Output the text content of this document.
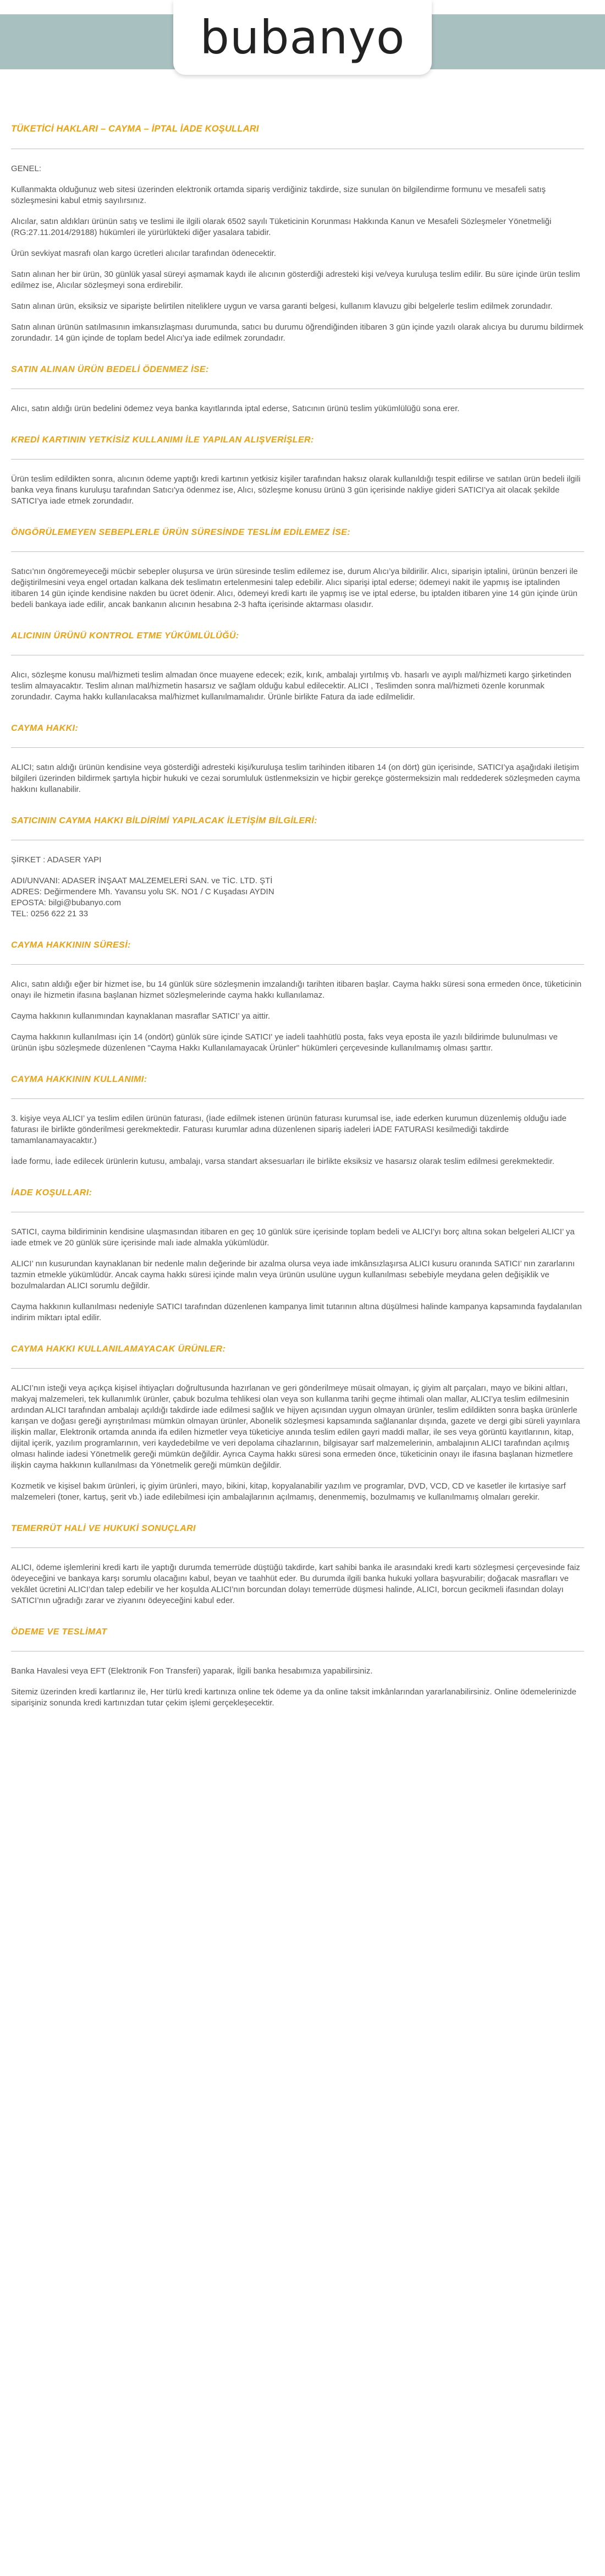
bubanyo
TÜKETİCİ HAKLARI – CAYMA – İPTAL İADE KOŞULLARI

GENEL:

Kullanmakta olduğunuz web sitesi üzerinden elektronik ortamda sipariş verdiğiniz takdirde, size sunulan ön bilgilendirme formunu ve mesafeli satış sözleşmesini kabul etmiş sayılırsınız.

Alıcılar, satın aldıkları ürünün satış ve teslimi ile ilgili olarak 6502 sayılı Tüketicinin Korunması Hakkında Kanun ve Mesafeli Sözleşmeler Yönetmeliği (RG:27.11.2014/29188) hükümleri ile yürürlükteki diğer yasalara tabidir.

Ürün sevkiyat masrafı olan kargo ücretleri alıcılar tarafından ödenecektir.

Satın alınan her bir ürün, 30 günlük yasal süreyi aşmamak kaydı ile alıcının gösterdiği adresteki kişi ve/veya kuruluşa teslim edilir. Bu süre içinde ürün teslim edilmez ise, Alıcılar sözleşmeyi sona erdirebilir.

Satın alınan ürün, eksiksiz ve siparişte belirtilen niteliklere uygun ve varsa garanti belgesi, kullanım klavuzu gibi belgelerle teslim edilmek zorundadır.

Satın alınan ürünün satılmasının imkansızlaşması durumunda, satıcı bu durumu öğrendiğinden itibaren 3 gün içinde yazılı olarak alıcıya bu durumu bildirmek zorundadır. 14 gün içinde de toplam bedel Alıcı’ya iade edilmek zorundadır.

SATIN ALINAN ÜRÜN BEDELİ ÖDENMEZ İSE:

Alıcı, satın aldığı ürün bedelini ödemez veya banka kayıtlarında iptal ederse, Satıcının ürünü teslim yükümlülüğü sona erer.

KREDİ KARTININ YETKİSİZ KULLANIMI İLE YAPILAN ALIŞVERİŞLER:

Ürün teslim edildikten sonra, alıcının ödeme yaptığı kredi kartının yetkisiz kişiler tarafından haksız olarak kullanıldığı tespit edilirse ve satılan ürün bedeli ilgili banka veya finans kuruluşu tarafından Satıcı'ya ödenmez ise, Alıcı, sözleşme konusu ürünü 3 gün içerisinde nakliye gideri SATICI’ya ait olacak şekilde SATICI’ya iade etmek zorundadır.

ÖNGÖRÜLEMEYEN SEBEPLERLE ÜRÜN SÜRESİNDE TESLİM EDİLEMEZ İSE:

Satıcı’nın öngöremeyeceği mücbir sebepler oluşursa ve ürün süresinde teslim edilemez ise, durum Alıcı’ya bildirilir. Alıcı, siparişin iptalini, ürünün benzeri ile değiştirilmesini veya engel ortadan kalkana dek teslimatın ertelenmesini talep edebilir. Alıcı siparişi iptal ederse; ödemeyi nakit ile yapmış ise iptalinden itibaren 14 gün içinde kendisine nakden bu ücret ödenir. Alıcı, ödemeyi kredi kartı ile yapmış ise ve iptal ederse, bu iptalden itibaren yine 14 gün içinde ürün bedeli bankaya iade edilir, ancak bankanın alıcının hesabına 2-3 hafta içerisinde aktarması olasıdır.

ALICININ ÜRÜNÜ KONTROL ETME YÜKÜMLÜLÜĞÜ:

Alıcı, sözleşme konusu mal/hizmeti teslim almadan önce muayene edecek; ezik, kırık, ambalajı yırtılmış vb. hasarlı ve ayıplı mal/hizmeti kargo şirketinden teslim almayacaktır. Teslim alınan mal/hizmetin hasarsız ve sağlam olduğu kabul edilecektir. ALICI , Teslimden sonra mal/hizmeti özenle korunmak zorundadır. Cayma hakkı kullanılacaksa mal/hizmet kullanılmamalıdır. Ürünle birlikte Fatura da iade edilmelidir.

CAYMA HAKKI:

ALICI; satın aldığı ürünün kendisine veya gösterdiği adresteki kişi/kuruluşa teslim tarihinden itibaren 14 (on dört) gün içerisinde, SATICI’ya aşağıdaki iletişim bilgileri üzerinden bildirmek şartıyla hiçbir hukuki ve cezai sorumluluk üstlenmeksizin ve hiçbir gerekçe göstermeksizin malı reddederek sözleşmeden cayma hakkını kullanabilir.

SATICININ CAYMA HAKKI BİLDİRİMİ YAPILACAK İLETİŞİM BİLGİLERİ:

ŞİRKET : ADASER YAPI

ADI/UNVANI: ADASER İNŞAAT MALZEMELERİ SAN. ve TİC. LTD. ŞTİ

ADRES: Değirmendere Mh. Yavansu yolu SK. NO1 / C Kuşadası AYDIN

EPOSTA: bilgi@bubanyo.com

TEL: 0256 622 21 33

CAYMA HAKKININ SÜRESİ:

Alıcı, satın aldığı eğer bir hizmet ise, bu 14 günlük süre sözleşmenin imzalandığı tarihten itibaren başlar. Cayma hakkı süresi sona ermeden önce, tüketicinin onayı ile hizmetin ifasına başlanan hizmet sözleşmelerinde cayma hakkı kullanılamaz.

Cayma hakkının kullanımından kaynaklanan masraflar SATICI’ ya aittir.

Cayma hakkının kullanılması için 14 (ondört) günlük süre içinde SATICI' ye iadeli taahhütlü posta, faks veya eposta ile yazılı bildirimde bulunulması ve ürünün işbu sözleşmede düzenlenen "Cayma Hakkı Kullanılamayacak Ürünler" hükümleri çerçevesinde kullanılmamış olması şarttır.

CAYMA HAKKININ KULLANIMI:

3. kişiye veya ALICI’ ya teslim edilen ürünün faturası, (İade edilmek istenen ürünün faturası kurumsal ise, iade ederken kurumun düzenlemiş olduğu iade faturası ile birlikte gönderilmesi gerekmektedir. Faturası kurumlar adına düzenlenen sipariş iadeleri İADE FATURASI kesilmediği takdirde tamamlanamayacaktır.)

İade formu, İade edilecek ürünlerin kutusu, ambalajı, varsa standart aksesuarları ile birlikte eksiksiz ve hasarsız olarak teslim edilmesi gerekmektedir.

İADE KOŞULLARI:

SATICI, cayma bildiriminin kendisine ulaşmasından itibaren en geç 10 günlük süre içerisinde toplam bedeli ve ALICI’yı borç altına sokan belgeleri ALICI’ ya iade etmek ve 20 günlük süre içerisinde malı iade almakla yükümlüdür.

ALICI’ nın kusurundan kaynaklanan bir nedenle malın değerinde bir azalma olursa veya iade imkânsızlaşırsa ALICI kusuru oranında SATICI’ nın zararlarını tazmin etmekle yükümlüdür. Ancak cayma hakkı süresi içinde malın veya ürünün usulüne uygun kullanılması sebebiyle meydana gelen değişiklik ve bozulmalardan ALICI sorumlu değildir.

Cayma hakkının kullanılması nedeniyle SATICI tarafından düzenlenen kampanya limit tutarının altına düşülmesi halinde kampanya kapsamında faydalanılan indirim miktarı iptal edilir.

CAYMA HAKKI KULLANILAMAYACAK ÜRÜNLER:

ALICI’nın isteği veya açıkça kişisel ihtiyaçları doğrultusunda hazırlanan ve geri gönderilmeye müsait olmayan, iç giyim alt parçaları, mayo ve bikini altları, makyaj malzemeleri, tek kullanımlık ürünler, çabuk bozulma tehlikesi olan veya son kullanma tarihi geçme ihtimali olan mallar, ALICI’ya teslim edilmesinin ardından ALICI tarafından ambalajı açıldığı takdirde iade edilmesi sağlık ve hijyen açısından uygun olmayan ürünler, teslim edildikten sonra başka ürünlerle karışan ve doğası gereği ayrıştırılması mümkün olmayan ürünler, Abonelik sözleşmesi kapsamında sağlananlar dışında, gazete ve dergi gibi süreli yayınlara ilişkin mallar, Elektronik ortamda anında ifa edilen hizmetler veya tüketiciye anında teslim edilen gayri maddi mallar, ile ses veya görüntü kayıtlarının, kitap, dijital içerik, yazılım programlarının, veri kaydedebilme ve veri depolama cihazlarının, bilgisayar sarf malzemelerinin, ambalajının ALICI tarafından açılmış olması halinde iadesi Yönetmelik gereği mümkün değildir. Ayrıca Cayma hakkı süresi sona ermeden önce, tüketicinin onayı ile ifasına başlanan hizmetlere ilişkin cayma hakkının kullanılması da Yönetmelik gereği mümkün değildir.

Kozmetik ve kişisel bakım ürünleri, iç giyim ürünleri, mayo, bikini, kitap, kopyalanabilir yazılım ve programlar, DVD, VCD, CD ve kasetler ile kırtasiye sarf malzemeleri (toner, kartuş, şerit vb.) iade edilebilmesi için ambalajlarının açılmamış, denenmemiş, bozulmamış ve kullanılmamış olmaları gerekir.

TEMERRÜT HALİ VE HUKUKİ SONUÇLARI

ALICI, ödeme işlemlerini kredi kartı ile yaptığı durumda temerrüde düştüğü takdirde, kart sahibi banka ile arasındaki kredi kartı sözleşmesi çerçevesinde faiz ödeyeceğini ve bankaya karşı sorumlu olacağını kabul, beyan ve taahhüt eder. Bu durumda ilgili banka hukuki yollara başvurabilir; doğacak masrafları ve vekâlet ücretini ALICI’dan talep edebilir ve her koşulda ALICI’nın borcundan dolayı temerrüde düşmesi halinde, ALICI, borcun gecikmeli ifasından dolayı SATICI’nın uğradığı zarar ve ziyanını ödeyeceğini kabul eder.

ÖDEME VE TESLİMAT

Banka Havalesi veya EFT (Elektronik Fon Transferi) yaparak, İlgili banka hesabımıza yapabilirsiniz.

Sitemiz üzerinden kredi kartlarınız ile, Her türlü kredi kartınıza online tek ödeme ya da online taksit imkânlarından yararlanabilirsiniz. Online ödemelerinizde siparişiniz sonunda kredi kartınızdan tutar çekim işlemi gerçekleşecektir.
